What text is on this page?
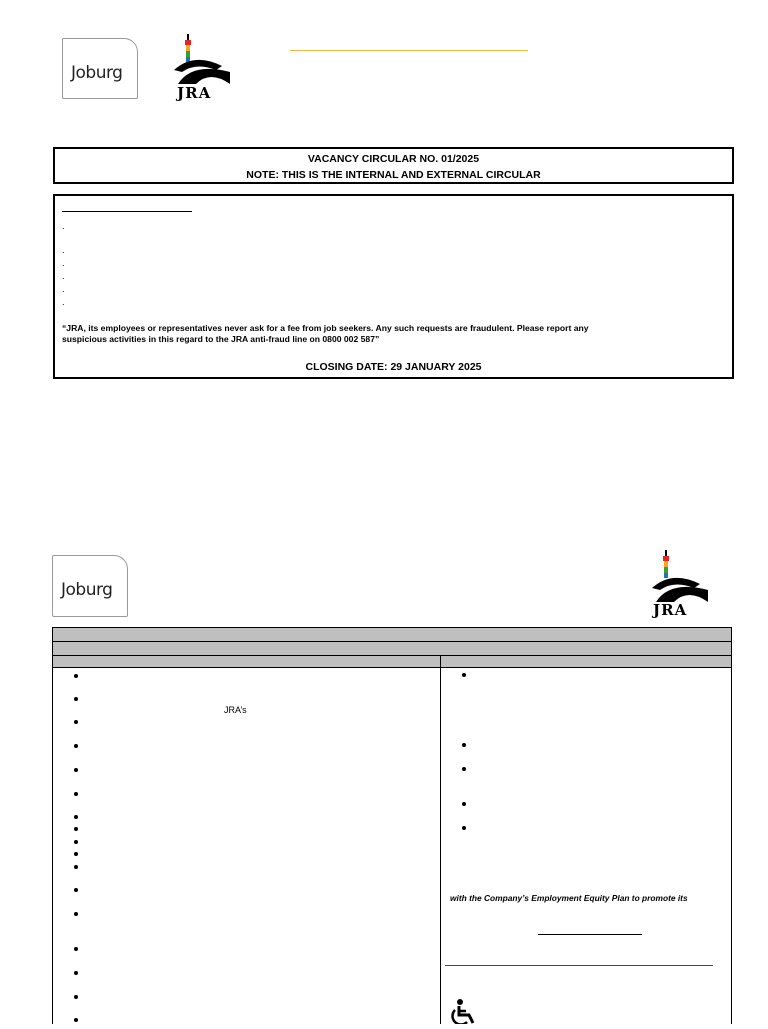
Joburg
JRA
VACANCY CIRCULAR NO. 01/2025
NOTE: THIS IS THE INTERNAL AND EXTERNAL CIRCULAR
.
.
.
.
.
.
“JRA, its employees or representatives never ask for a fee from job seekers. Any such requests are fraudulent. Please report any
suspicious activities in this regard to the JRA anti-fraud line on 0800 002 587”
CLOSING DATE: 29 JANUARY 2025
Joburg
JRA
JRA’s
with the Company’s Employment Equity Plan to promote its
